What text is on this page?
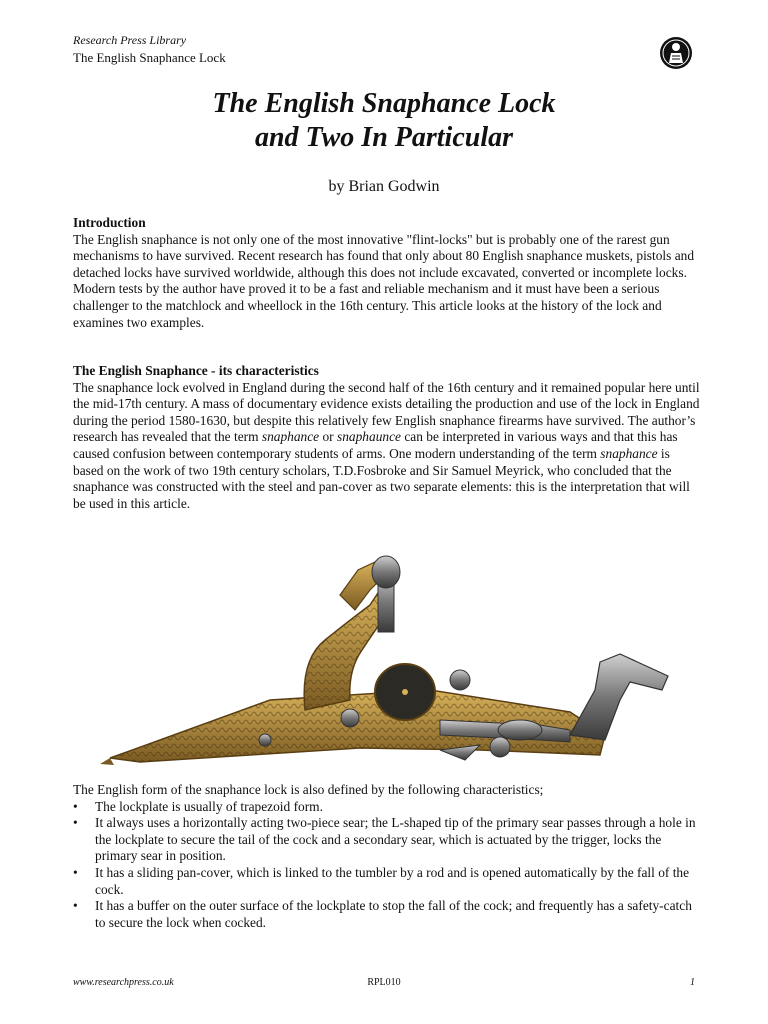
Research Press Library
The English Snaphance Lock
The English Snaphance Lock
and Two In Particular
by Brian Godwin
Introduction
The English snaphance is not only one of the most innovative "flint-locks" but is probably one of the rarest gun mechanisms to have survived. Recent research has found that only about 80 English snaphance muskets, pistols and detached locks have survived worldwide, although this does not include excavated, converted or incomplete locks. Modern tests by the author have proved it to be a fast and reliable mechanism and it must have been a serious challenger to the matchlock and wheellock in the 16th century. This article looks at the history of the lock and examines two examples.
The English Snaphance - its characteristics
The snaphance lock evolved in England during the second half of the 16th century and it remained popular here until the mid-17th century. A mass of documentary evidence exists detailing the production and use of the lock in England during the period 1580-1630, but despite this relatively few English snaphance firearms have survived. The author’s research has revealed that the term snaphance or snaphaunce can be interpreted in various ways and that this has caused confusion between contemporary students of arms. One modern understanding of the term snaphance is based on the work of two 19th century scholars, T.D.Fosbroke and Sir Samuel Meyrick, who concluded that the snaphance was constructed with the steel and pan-cover as two separate elements: this is the interpretation that will be used in this article.
The English form of the snaphance lock is also defined by the following characteristics;
• The lockplate is usually of trapezoid form.
• It always uses a horizontally acting two-piece sear; the L-shaped tip of the primary sear passes through a hole in the lockplate to secure the tail of the cock and a secondary sear, which is actuated by the trigger, locks the primary sear in position.
• It has a sliding pan-cover, which is linked to the tumbler by a rod and is opened automatically by the fall of the cock.
• It has a buffer on the outer surface of the lockplate to stop the fall of the cock; and frequently has a safety-catch to secure the lock when cocked.
www.researchpress.co.uk	RPL010	1
